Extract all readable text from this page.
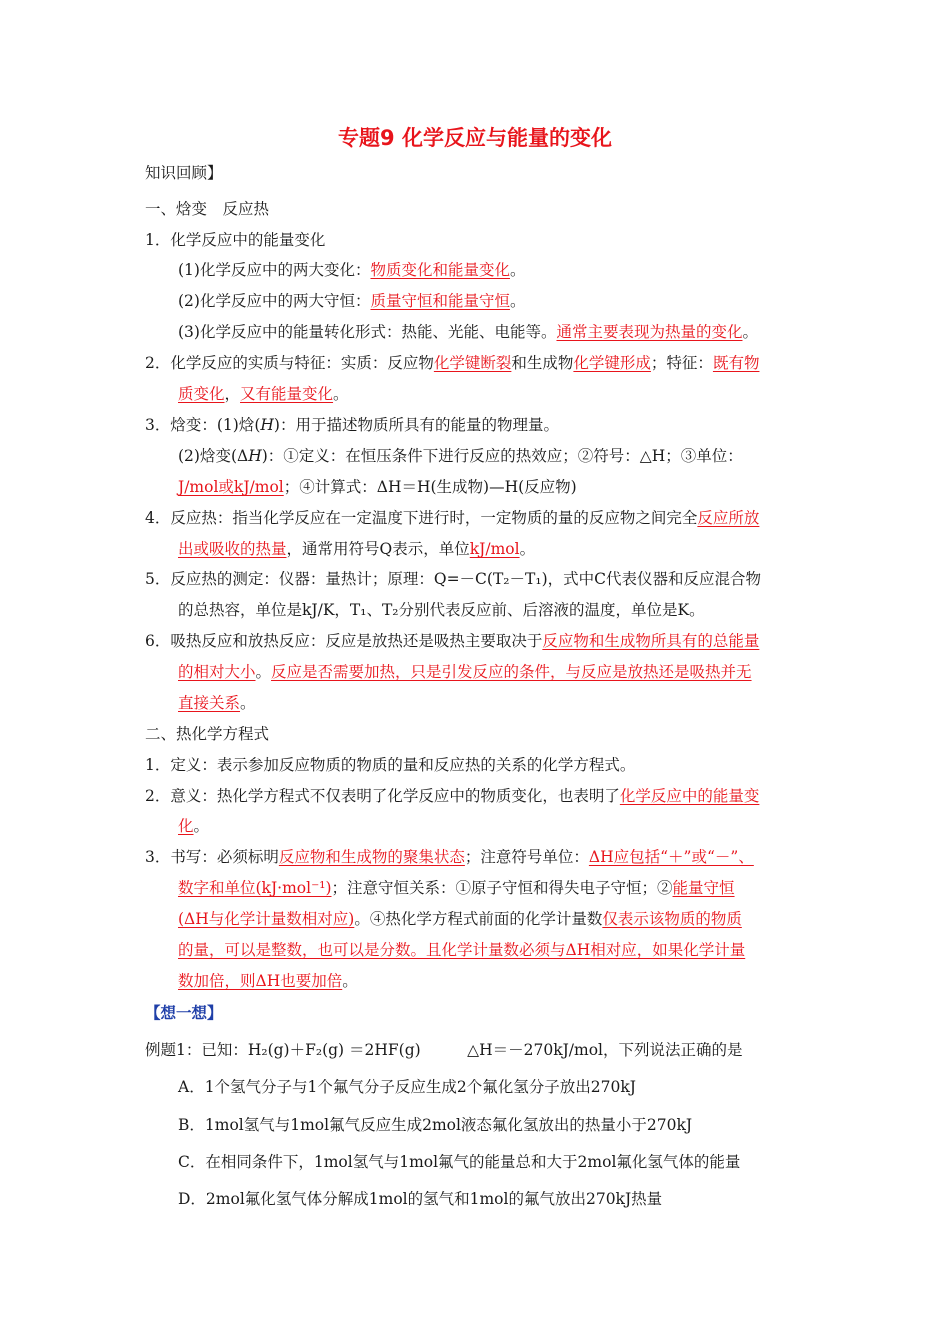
专题9 化学反应与能量的变化
知识回顾】
一、焓变　反应热
1．化学反应中的能量变化
(1)化学反应中的两大变化：物质变化和能量变化。
(2)化学反应中的两大守恒：质量守恒和能量守恒。
(3)化学反应中的能量转化形式：热能、光能、电能等。通常主要表现为热量的变化。
2．化学反应的实质与特征：实质：反应物化学键断裂和生成物化学键形成；特征：既有物
质变化，又有能量变化。
3．焓变：(1)焓(H)：用于描述物质所具有的能量的物理量。
(2)焓变(ΔH)：①定义：在恒压条件下进行反应的热效应；②符号：△H；③单位：
J/mol或kJ/mol；④计算式：ΔH＝H(生成物)—H(反应物)
4．反应热：指当化学反应在一定温度下进行时，一定物质的量的反应物之间完全反应所放
出或吸收的热量，通常用符号Q表示，单位kJ/mol。
5．反应热的测定：仪器：量热计；原理：Q=－C(T₂－T₁)，式中C代表仪器和反应混合物
的总热容，单位是kJ/K，T₁、T₂分别代表反应前、后溶液的温度，单位是K。
6．吸热反应和放热反应：反应是放热还是吸热主要取决于反应物和生成物所具有的总能量
的相对大小。反应是否需要加热，只是引发反应的条件，与反应是放热还是吸热并无
直接关系。
二、热化学方程式
1．定义：表示参加反应物质的物质的量和反应热的关系的化学方程式。
2．意义：热化学方程式不仅表明了化学反应中的物质变化，也表明了化学反应中的能量变
化。
3．书写：必须标明反应物和生成物的聚集状态；注意符号单位：ΔH应包括“＋”或“－”、
数字和单位(kJ·mol⁻¹)；注意守恒关系：①原子守恒和得失电子守恒；②能量守恒
(ΔH与化学计量数相对应)。④热化学方程式前面的化学计量数仅表示该物质的物质
的量，可以是整数，也可以是分数。且化学计量数必须与ΔH相对应，如果化学计量
数加倍，则ΔH也要加倍。
【想一想】
例题1：已知：H₂(g)＋F₂(g) ＝2HF(g)　　　△H＝－270kJ/mol，下列说法正确的是
A．1个氢气分子与1个氟气分子反应生成2个氟化氢分子放出270kJ
B．1mol氢气与1mol氟气反应生成2mol液态氟化氢放出的热量小于270kJ
C．在相同条件下，1mol氢气与1mol氟气的能量总和大于2mol氟化氢气体的能量
D．2mol氟化氢气体分解成1mol的氢气和1mol的氟气放出270kJ热量
